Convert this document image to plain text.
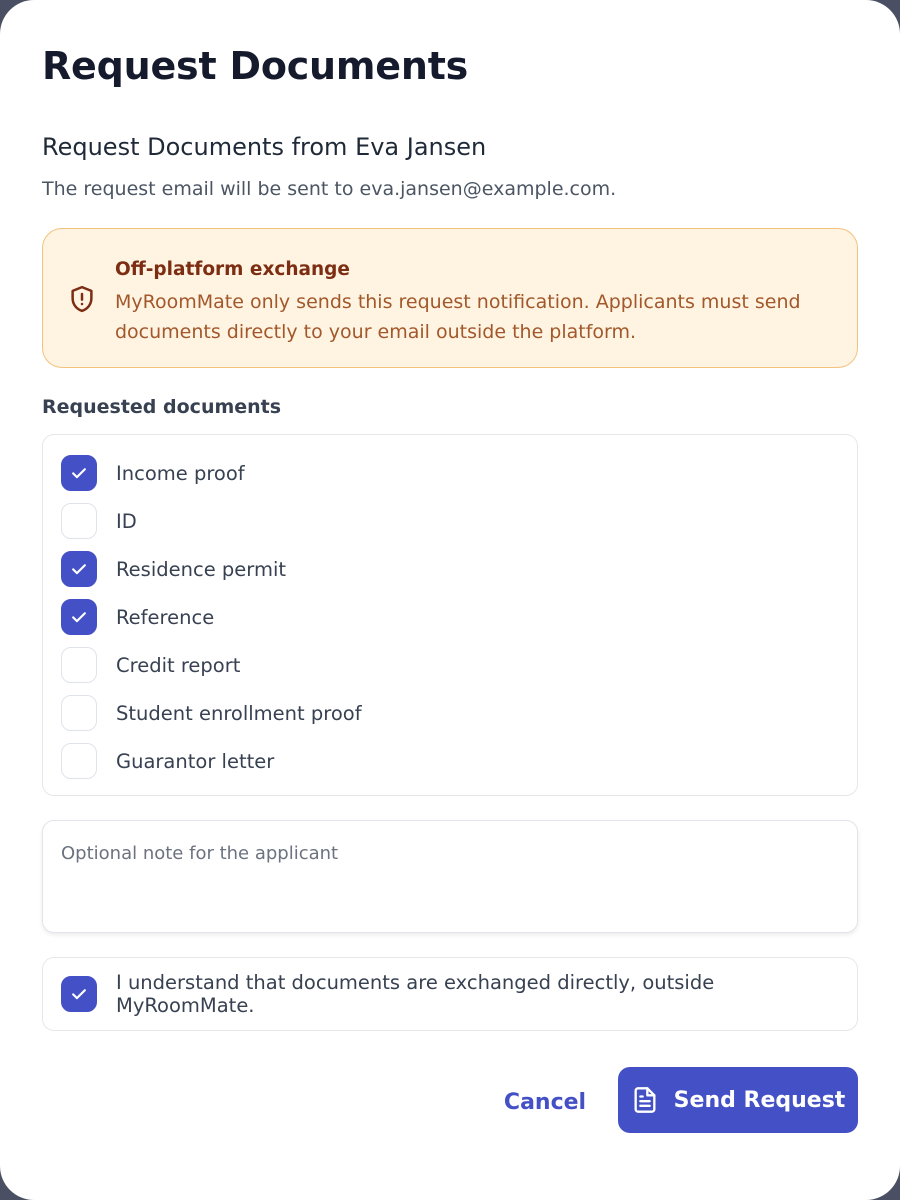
Request Documents
Request Documents from Eva Jansen

The request email will be sent to eva.jansen@example.com.

Off-platform exchange
MyRoomMate only sends this request notification. Applicants must send documents directly to your email outside the platform.
Requested documents
Income proof
ID
Residence permit
Reference
Credit report
Student enrollment proof
Guarantor letter
Optional note for the applicant
I understand that documents are exchanged directly, outside MyRoomMate.
Cancel	Send Request
